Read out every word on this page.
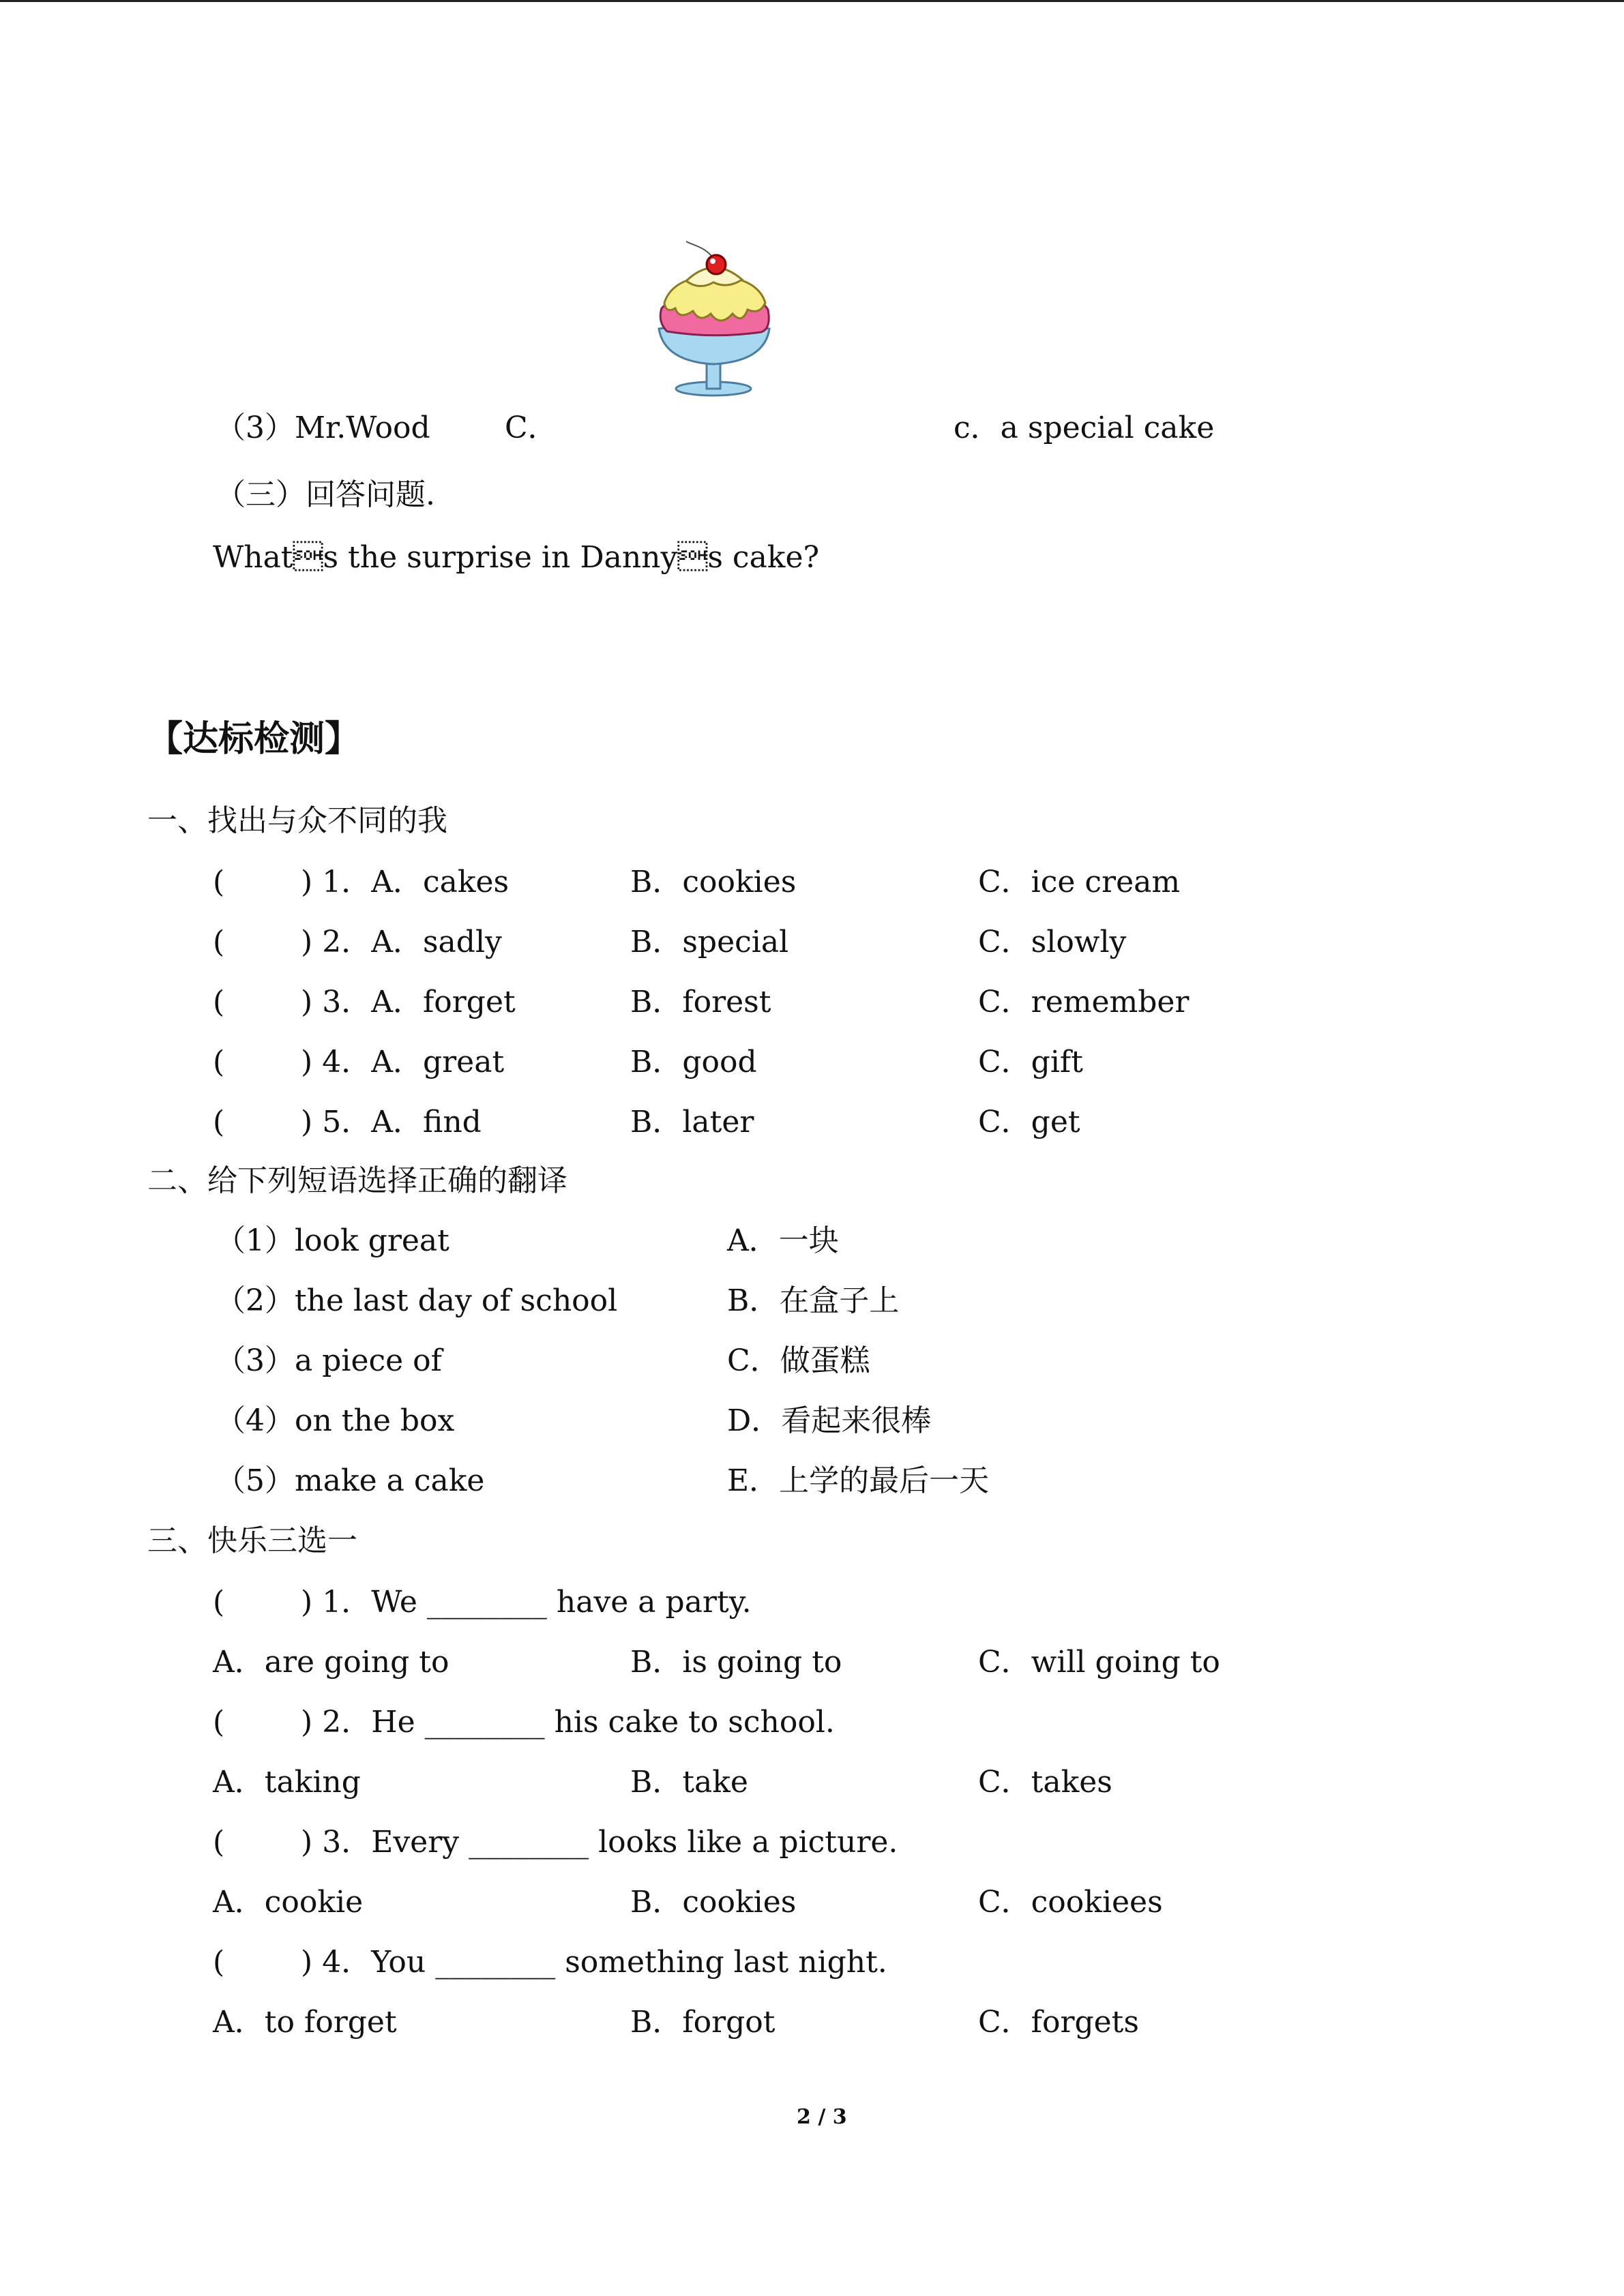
（3）Mr.Wood C．	c．a special cake
（三）回答问题.
Whats the surprise in Dannys cake?
【达标检测】
一、找出与众不同的我
(        ) 1．A．cakes	B．cookies	C．ice cream
(        ) 2．A．sadly	B．special	C．slowly
(        ) 3．A．forget	B．forest	C．remember
(        ) 4．A．great	B．good	C．gift
(        ) 5．A．find	B．later	C．get
二、给下列短语选择正确的翻译
（1）look great	A．一块
（2）the last day of school	B．在盒子上
（3）a piece of	C．做蛋糕
（4）on the box	D．看起来很棒
（5）make a cake	E．上学的最后一天
三、快乐三选一
(        ) 1．We ________ have a party.
A．are going to	B．is going to	C．will going to
(        ) 2．He ________ his cake to school.
A．taking	B．take	C．takes
(        ) 3．Every ________ looks like a picture.
A．cookie	B．cookies	C．cookiees
(        ) 4．You ________ something last night.
A．to forget	B．forgot	C．forgets
2 / 3
